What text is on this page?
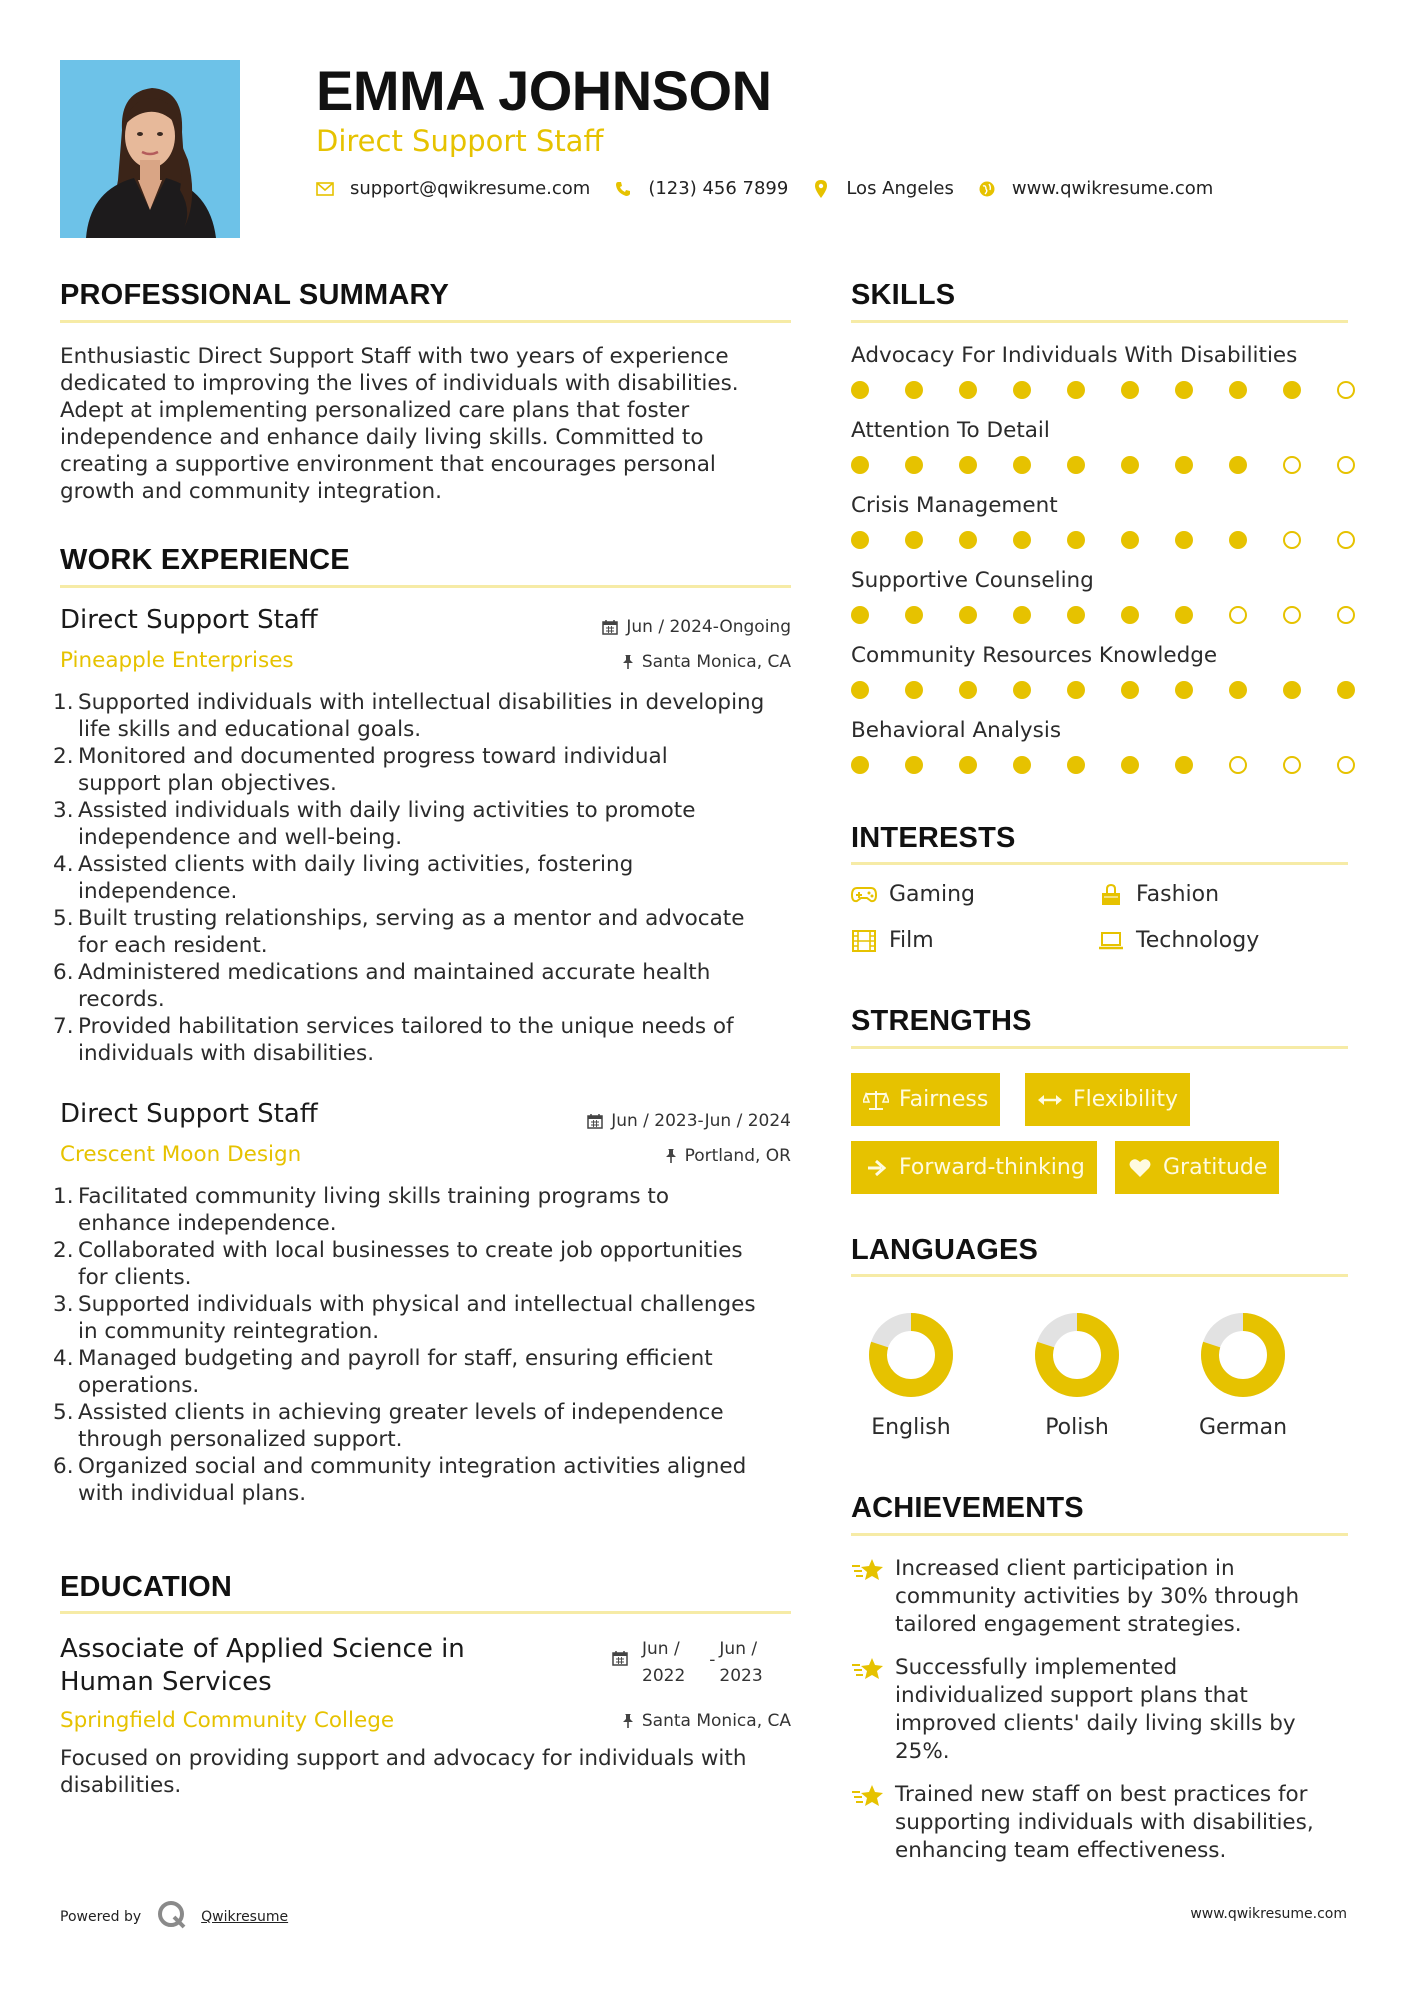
EMMA JOHNSON
Direct Support Staff
support@qwikresume.com	(123) 456 7899	Los Angeles	www.qwikresume.com
PROFESSIONAL SUMMARY
Enthusiastic Direct Support Staff with two years of experience
dedicated to improving the lives of individuals with disabilities.
Adept at implementing personalized care plans that foster
independence and enhance daily living skills. Committed to
creating a supportive environment that encourages personal
growth and community integration.
WORK EXPERIENCE
Direct Support Staff	Jun / 2024-Ongoing
Pineapple Enterprises	Santa Monica, CA
Supported individuals with intellectual disabilities in developing
life skills and educational goals.
Monitored and documented progress toward individual
support plan objectives.
Assisted individuals with daily living activities to promote
independence and well-being.
Assisted clients with daily living activities, fostering
independence.
Built trusting relationships, serving as a mentor and advocate
for each resident.
Administered medications and maintained accurate health
records.
Provided habilitation services tailored to the unique needs of
individuals with disabilities.
Direct Support Staff	Jun / 2023-Jun / 2024
Crescent Moon Design	Portland, OR
Facilitated community living skills training programs to
enhance independence.
Collaborated with local businesses to create job opportunities
for clients.
Supported individuals with physical and intellectual challenges
in community reintegration.
Managed budgeting and payroll for staff, ensuring efficient
operations.
Assisted clients in achieving greater levels of independence
through personalized support.
Organized social and community integration activities aligned
with individual plans.
EDUCATION
Associate of Applied Science in
Human Services
Jun /
2022
-
Jun /
2023
Springfield Community College	Santa Monica, CA
Focused on providing support and advocacy for individuals with
disabilities.
SKILLS
Advocacy For Individuals With Disabilities
Attention To Detail
Crisis Management
Supportive Counseling
Community Resources Knowledge
Behavioral Analysis
INTERESTS
Gaming	Fashion
Film	Technology
STRENGTHS
Fairness	Flexibility
Forward-thinking	Gratitude
LANGUAGES
English	Polish	German
ACHIEVEMENTS
Increased client participation in
community activities by 30% through
tailored engagement strategies.
Successfully implemented
individualized support plans that
improved clients' daily living skills by
25%.
Trained new staff on best practices for
supporting individuals with disabilities,
enhancing team effectiveness.
Powered by	Qwikresume	www.qwikresume.com
